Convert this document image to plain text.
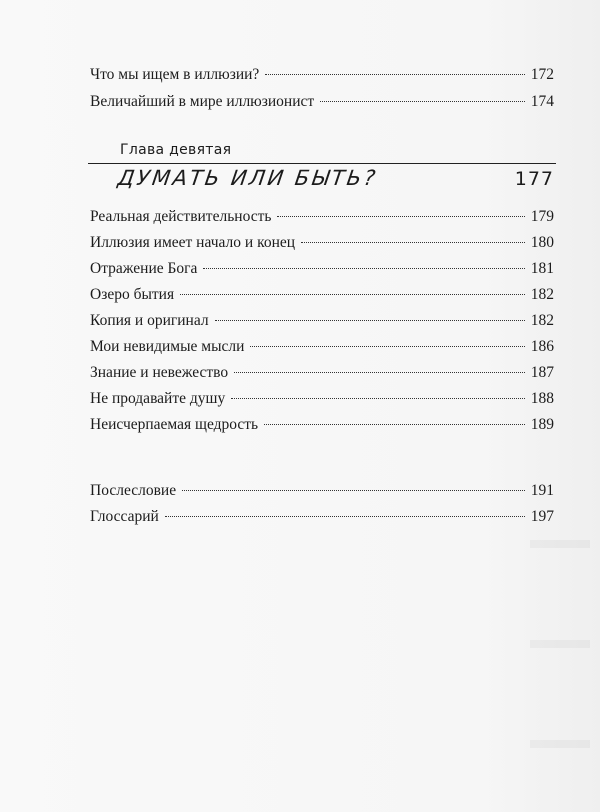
Что мы ищем в иллюзии?	172
Величайший в мире иллюзионист	174
Глава девятая
ДУМАТЬ ИЛИ БЫТЬ?	177
Реальная действительность	179
Иллюзия имеет начало и конец	180
Отражение Бога	181
Озеро бытия	182
Копия и оригинал	182
Мои невидимые мысли	186
Знание и невежество	187
Не продавайте душу	188
Неисчерпаемая щедрость	189
Послесловие	191
Глоссарий	197
